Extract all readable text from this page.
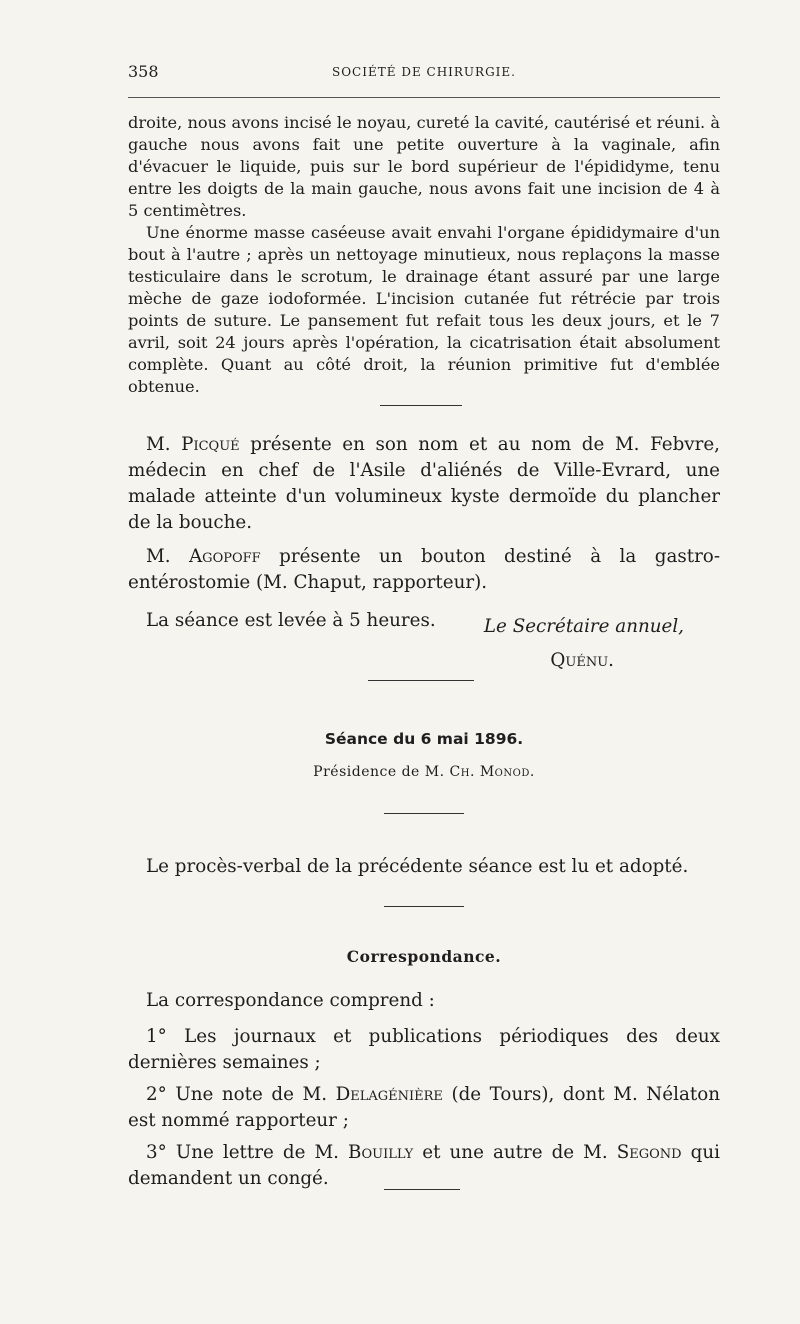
358	SOCIÉTÉ DE CHIRURGIE.

droite, nous avons incisé le noyau, cureté la cavité, cautérisé et réuni. à gauche nous avons fait une petite ouverture à la vaginale, afin d'évacuer le liquide, puis sur le bord supérieur de l'épididyme, tenu entre les doigts de la main gauche, nous avons fait une incision de 4 à 5 centimètres.

Une énorme masse caséeuse avait envahi l'organe épididymaire d'un bout à l'autre ; après un nettoyage minutieux, nous replaçons la masse testiculaire dans le scrotum, le drainage étant assuré par une large mèche de gaze iodoformée. L'incision cutanée fut rétrécie par trois points de suture. Le pansement fut refait tous les deux jours, et le 7 avril, soit 24 jours après l'opération, la cicatrisation était absolument complète. Quant au côté droit, la réunion primitive fut d'emblée obtenue.

M. Picqué présente en son nom et au nom de M. Febvre, médecin en chef de l'Asile d'aliénés de Ville-Evrard, une malade atteinte d'un volumineux kyste dermoïde du plancher de la bouche.

M. Agopoff présente un bouton destiné à la gastro-entérostomie (M. Chaput, rapporteur).

La séance est levée à 5 heures.	Le Secrétaire annuel,
Quénu.
Séance du 6 mai 1896.
Présidence de M. Ch. Monod.

Le procès-verbal de la précédente séance est lu et adopté.

Correspondance.

La correspondance comprend :

1° Les journaux et publications périodiques des deux dernières semaines ;

2° Une note de M. Delagénière (de Tours), dont M. Nélaton est nommé rapporteur ;

3° Une lettre de M. Bouilly et une autre de M. Segond qui demandent un congé.
